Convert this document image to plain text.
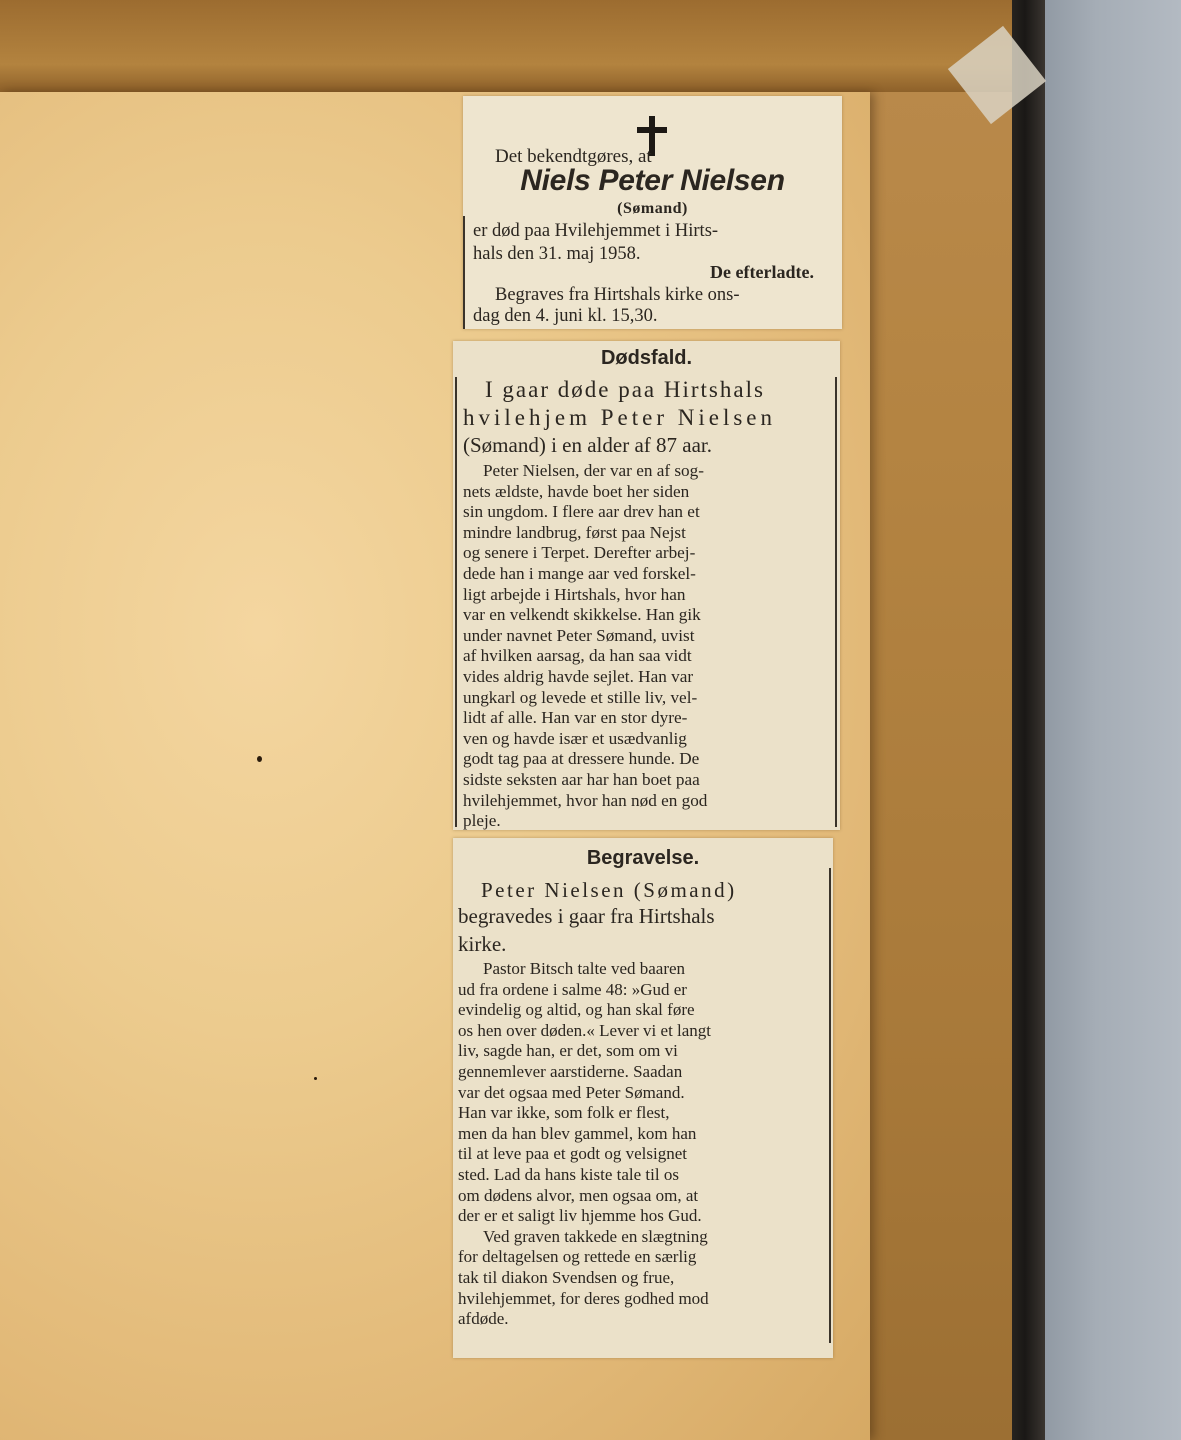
Det bekendtgøres, at
Niels Peter Nielsen
(Sømand)
er død paa Hvilehjemmet i Hirts-
hals den 31. maj 1958.
De efterladte.
Begraves fra Hirtshals kirke ons-
dag den 4. juni kl. 15,30.
Dødsfald.
I gaar døde paa Hirtshals
hvilehjem Peter Nielsen
(Sømand) i en alder af 87 aar.
Peter Nielsen, der var en af sog-
nets ældste, havde boet her siden
sin ungdom. I flere aar drev han et
mindre landbrug, først paa Nejst
og senere i Terpet. Derefter arbej-
dede han i mange aar ved forskel-
ligt arbejde i Hirtshals, hvor han
var en velkendt skikkelse. Han gik
under navnet Peter Sømand, uvist
af hvilken aarsag, da han saa vidt
vides aldrig havde sejlet. Han var
ungkarl og levede et stille liv, vel-
lidt af alle. Han var en stor dyre-
ven og havde især et usædvanlig
godt tag paa at dressere hunde. De
sidste seksten aar har han boet paa
hvilehjemmet, hvor han nød en god
pleje.
Begravelse.
Peter Nielsen (Sømand)
begravedes i gaar fra Hirtshals
kirke.
Pastor Bitsch talte ved baaren
ud fra ordene i salme 48: »Gud er
evindelig og altid, og han skal føre
os hen over døden.« Lever vi et langt
liv, sagde han, er det, som om vi
gennemlever aarstiderne. Saadan
var det ogsaa med Peter Sømand.
Han var ikke, som folk er flest,
men da han blev gammel, kom han
til at leve paa et godt og velsignet
sted. Lad da hans kiste tale til os
om dødens alvor, men ogsaa om, at
der er et saligt liv hjemme hos Gud.
Ved graven takkede en slægtning
for deltagelsen og rettede en særlig
tak til diakon Svendsen og frue,
hvilehjemmet, for deres godhed mod
afdøde.
